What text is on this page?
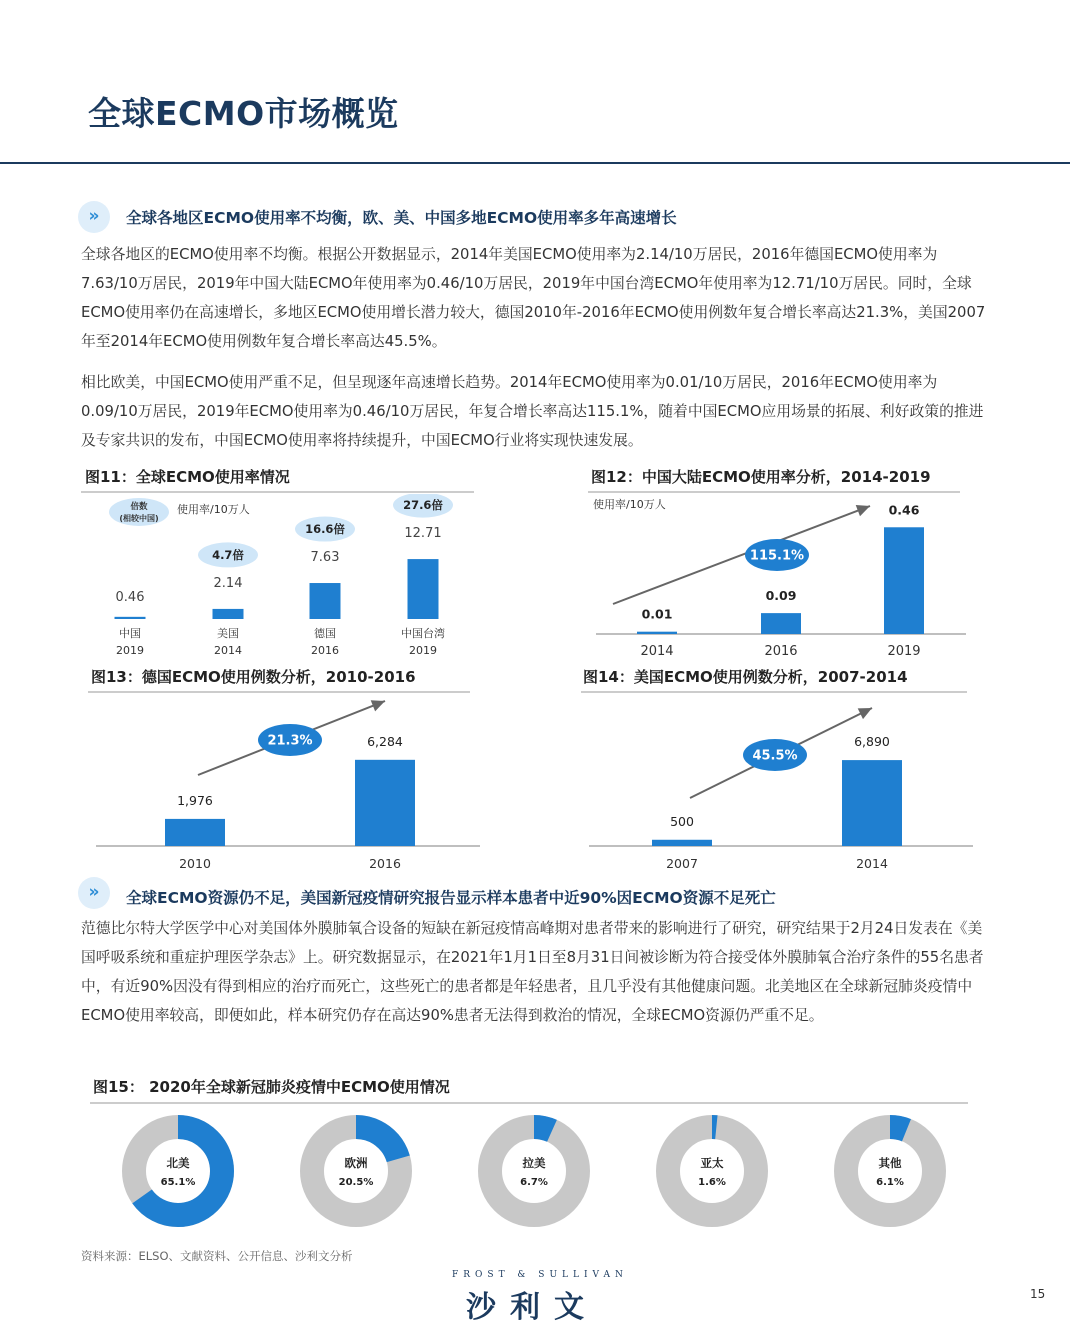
全球ECMO市场概览
»	全球各地区ECMO使用率不均衡，欧、美、中国多地ECMO使用率多年高速增长

全球各地区的ECMO使用率不均衡。根据公开数据显示，2014年美国ECMO使用率为2.14/10万居民，2016年德国ECMO使用率为7.63/10万居民，2019年中国大陆ECMO年使用率为0.46/10万居民，2019年中国台湾ECMO年使用率为12.71/10万居民。同时，全球ECMO使用率仍在高速增长，多地区ECMO使用增长潜力较大，德国2010年-2016年ECMO使用例数年复合增长率高达21.3%，美国2007年至2014年ECMO使用例数年复合增长率高达45.5%。

相比欧美，中国ECMO使用严重不足，但呈现逐年高速增长趋势。2014年ECMO使用率为0.01/10万居民，2016年ECMO使用率为0.09/10万居民，2019年ECMO使用率为0.46/10万居民，年复合增长率高达115.1%，随着中国ECMO应用场景的拓展、利好政策的推进及专家共识的发布，中国ECMO使用率将持续提升，中国ECMO行业将实现快速发展。

图11：全球ECMO使用率情况	图12：中国大陆ECMO使用率分析，2014-2019
图13：德国ECMO使用例数分析，2010-2016	图14：美国ECMO使用例数分析，2007-2014
倍数
(相较中国)
使用率/10万人
0.46
中国
2019
2.14
4.7倍
美国
2014
7.63
16.6倍
德国
2016
12.71
27.6倍
中国台湾
2019
使用率/10万人
0.01
2014
0.09
2016
0.46
2019
115.1%
1,976
2010
6,284
2016
21.3%
500
2007
6,890
2014
45.5%
»	全球ECMO资源仍不足，美国新冠疫情研究报告显示样本患者中近90%因ECMO资源不足死亡

范德比尔特大学医学中心对美国体外膜肺氧合设备的短缺在新冠疫情高峰期对患者带来的影响进行了研究，研究结果于2月24日发表在《美国呼吸系统和重症护理医学杂志》上。研究数据显示，在2021年1月1日至8月31日间被诊断为符合接受体外膜肺氧合治疗条件的55名患者中，有近90%因没有得到相应的治疗而死亡，这些死亡的患者都是年轻患者，且几乎没有其他健康问题。北美地区在全球新冠肺炎疫情中ECMO使用率较高，即便如此，样本研究仍存在高达90%患者无法得到救治的情况，全球ECMO资源仍严重不足。

图15： 2020年全球新冠肺炎疫情中ECMO使用情况
北美
65.1%
欧洲
20.5%
拉美
6.7%
亚太
1.6%
其他
6.1%
资料来源：ELSO、文献资料、公开信息、沙利文分析
FROST & SULLIVAN
沙利文	15
